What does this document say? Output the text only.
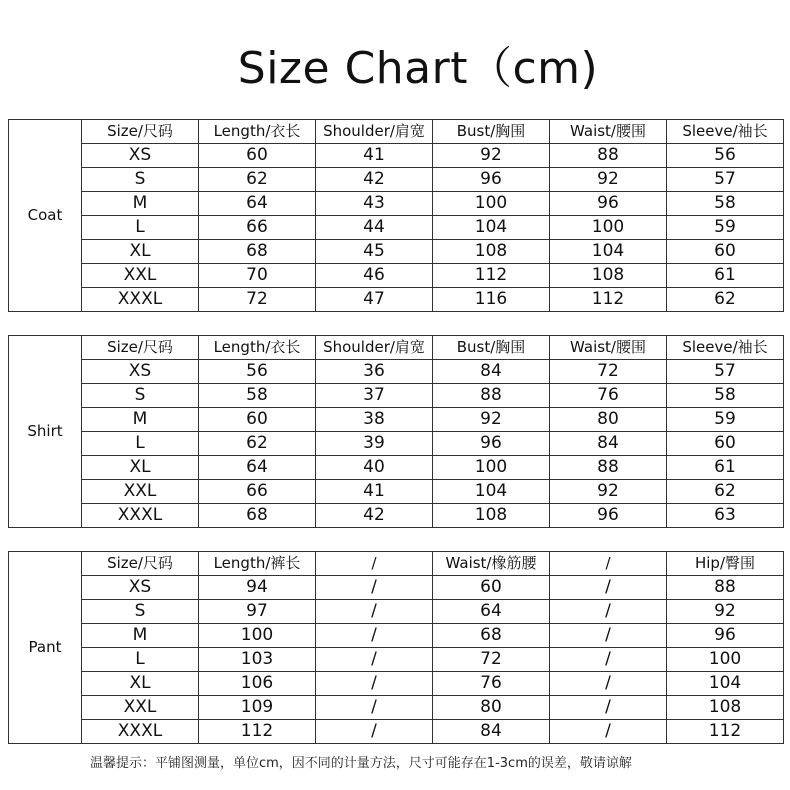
Size Chart（cm)
Coat	Size/尺码	Length/衣长	Shoulder/肩宽	Bust/胸围	Waist/腰围	Sleeve/袖长
	XS	60	41	92	88	56
	S	62	42	96	92	57
	M	64	43	100	96	58
	L	66	44	104	100	59
	XL	68	45	108	104	60
	XXL	70	46	112	108	61
	XXXL	72	47	116	112	62
Shirt	Size/尺码	Length/衣长	Shoulder/肩宽	Bust/胸围	Waist/腰围	Sleeve/袖长
	XS	56	36	84	72	57
	S	58	37	88	76	58
	M	60	38	92	80	59
	L	62	39	96	84	60
	XL	64	40	100	88	61
	XXL	66	41	104	92	62
	XXXL	68	42	108	96	63
Pant	Size/尺码	Length/裤长	/	Waist/橡筋腰	/	Hip/臀围
	XS	94	/	60	/	88
	S	97	/	64	/	92
	M	100	/	68	/	96
	L	103	/	72	/	100
	XL	106	/	76	/	104
	XXL	109	/	80	/	108
	XXXL	112	/	84	/	112
温馨提示：平铺图测量，单位cm，因不同的计量方法，尺寸可能存在1-3cm的误差，敬请谅解
